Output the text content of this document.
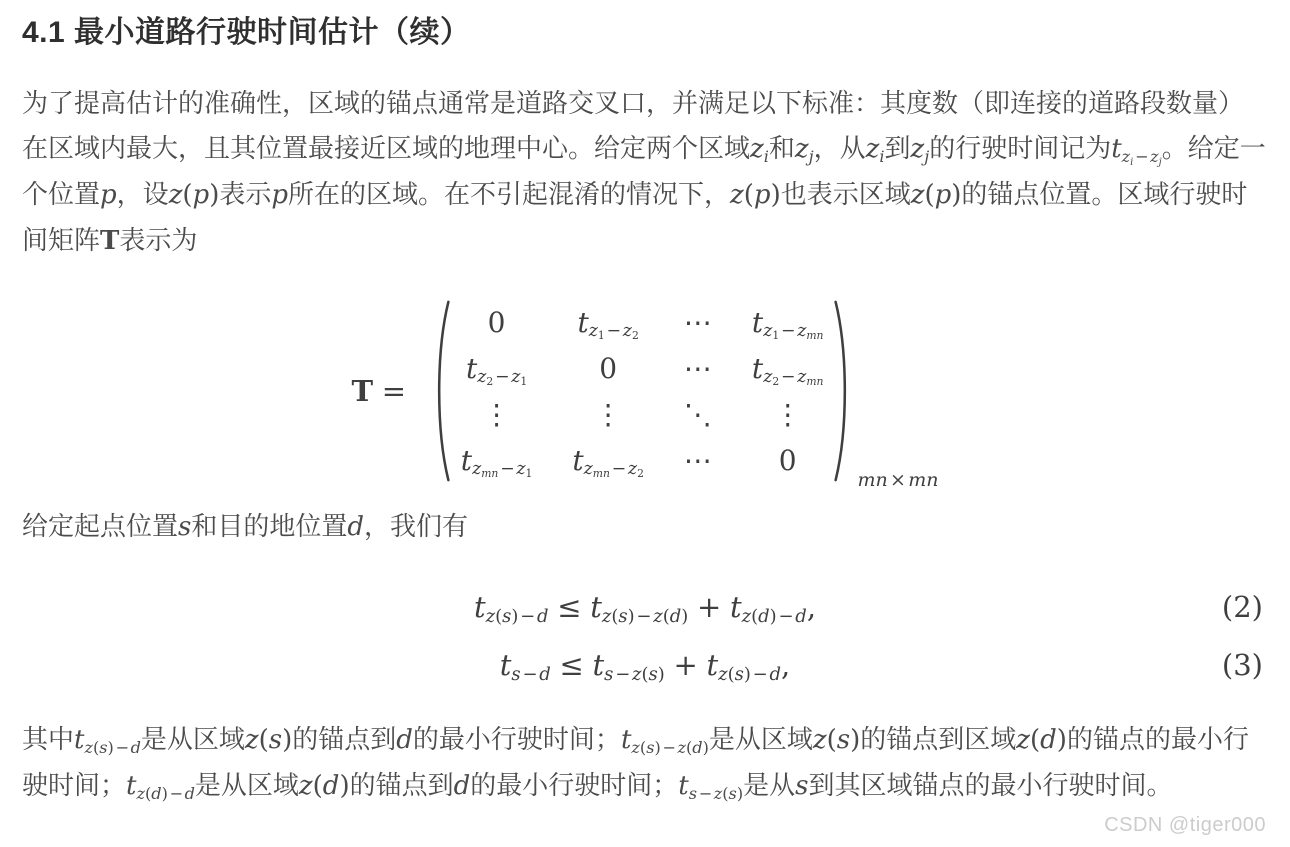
4.1 最小道路行驶时间估计（续）

为了提高估计的准确性，区域的锚点通常是道路交叉口，并满足以下标准：其度数（即连接的道路段数量）在区域内最大，且其位置最接近区域的地理中心。给定两个区域$z_i$和$z_j$，从$z_i$到$z_j$的行驶时间记为$t_{z_i-z_j}$。给定一个位置p，设z(p)表示p所在的区域。在不引起混淆的情况下，z(p)也表示区域z(p)的锚点位置。区域行驶时间矩阵T表示为

T =
0	$t_{z_1-z_2}$ ⋯ $t_{z_1-z_{mn}}$
$t_{z_2-z_1}$	0 ⋯ $t_{z_2-z_{mn}}$
⋮	⋮ ⋱ ⋮
$t_{z_{mn}-z_1}$ $t_{z_{mn}-z_2}$ ⋯ 0
mn × mn

给定起点位置s和目的地位置d，我们有

$t_{z(s)-d} \le t_{z(s)-z(d)} + t_{z(d)-d}$,	(2)
$t_{s-d} \le t_{s-z(s)} + t_{z(s)-d}$,	(3)

其中$t_{z(s)-d}$是从区域z(s)的锚点到d的最小行驶时间；$t_{z(s)-z(d)}$是从区域z(s)的锚点到区域z(d)的锚点的最小行驶时间；$t_{z(d)-d}$是从区域z(d)的锚点到d的最小行驶时间；$t_{s-z(s)}$是从s到其区域锚点的最小行驶时间。

CSDN @tiger000
